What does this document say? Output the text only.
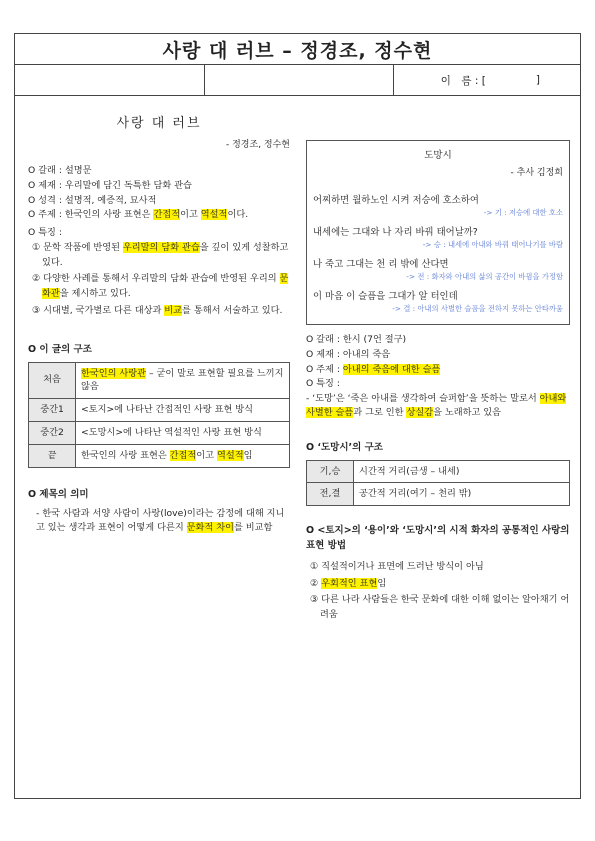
사랑 대 러브 – 정경조, 정수현
이　름 : [	]
사랑 대 러브
- 정경조, 정수현
O 갈래 : 설명문
O 제재 : 우리말에 담긴 독특한 담화 관습
O 성격 : 설명적, 예증적, 묘사적
O 주제 : 한국인의 사랑 표현은 간접적이고 역설적이다.
O 특징 :
① 문학 작품에 반영된 우리말의 담화 관습을 깊이 있게 성찰하고 있다.
② 다양한 사례를 통해서 우리말의 담화 관습에 반영된 우리의 문화관을 제시하고 있다.
③ 시대별, 국가별로 다른 대상과 비교를 통해서 서술하고 있다.
O 이 글의 구조
처음	한국인의 사랑관 – 굳이 말로 표현할 필요를 느끼지 않음
중간1	<토지>에 나타난 간접적인 사랑 표현 방식
중간2	<도망시>에 나타난 역설적인 사랑 표현 방식
끝	한국인의 사랑 표현은 간접적이고 역설적임
O 제목의 의미
- 한국 사람과 서양 사람이 사랑(love)이라는 감정에 대해 지니고 있는 생각과 표현이 어떻게 다른지 문화적 차이를 비교함
도망시
- 추사 김정희
어찌하면 월하노인 시켜 저승에 호소하여
-> 기 : 저승에 대한 호소
내세에는 그대와 나 자리 바꿔 태어날까?
-> 승 : 내세에 아내와 바꿔 태어나기를 바람
나 죽고 그대는 천 리 밖에 산다면
-> 전 : 화자와 아내의 삶의 공간이 바뀜을 가정함
이 마음 이 슬픔을 그대가 알 터인데
-> 결 : 아내의 사별한 슬픔을 전하지 못하는 안타까움
O 갈래 : 한시 (7언 절구)
O 제재 : 아내의 죽음
O 주제 : 아내의 죽음에 대한 슬픔
O 특징 :
- ‘도망’은 ‘죽은 아내를 생각하여 슬퍼함’을 뜻하는 말로서 아내와 사별한 슬픔과 그로 인한 상실감을 노래하고 있음
O ‘도망시’의 구조
기,승	시간적 거리(금생 – 내세)
전,결	공간적 거리(여기 – 천리 밖)
O <토지>의 ‘용이’와 ‘도망시’의 시적 화자의 공통적인 사랑의 표현 방법
① 직설적이거나 표면에 드러난 방식이 아님
② 우회적인 표현임
③ 다른 나라 사람들은 한국 문화에 대한 이해 없이는 알아채기 어려움
